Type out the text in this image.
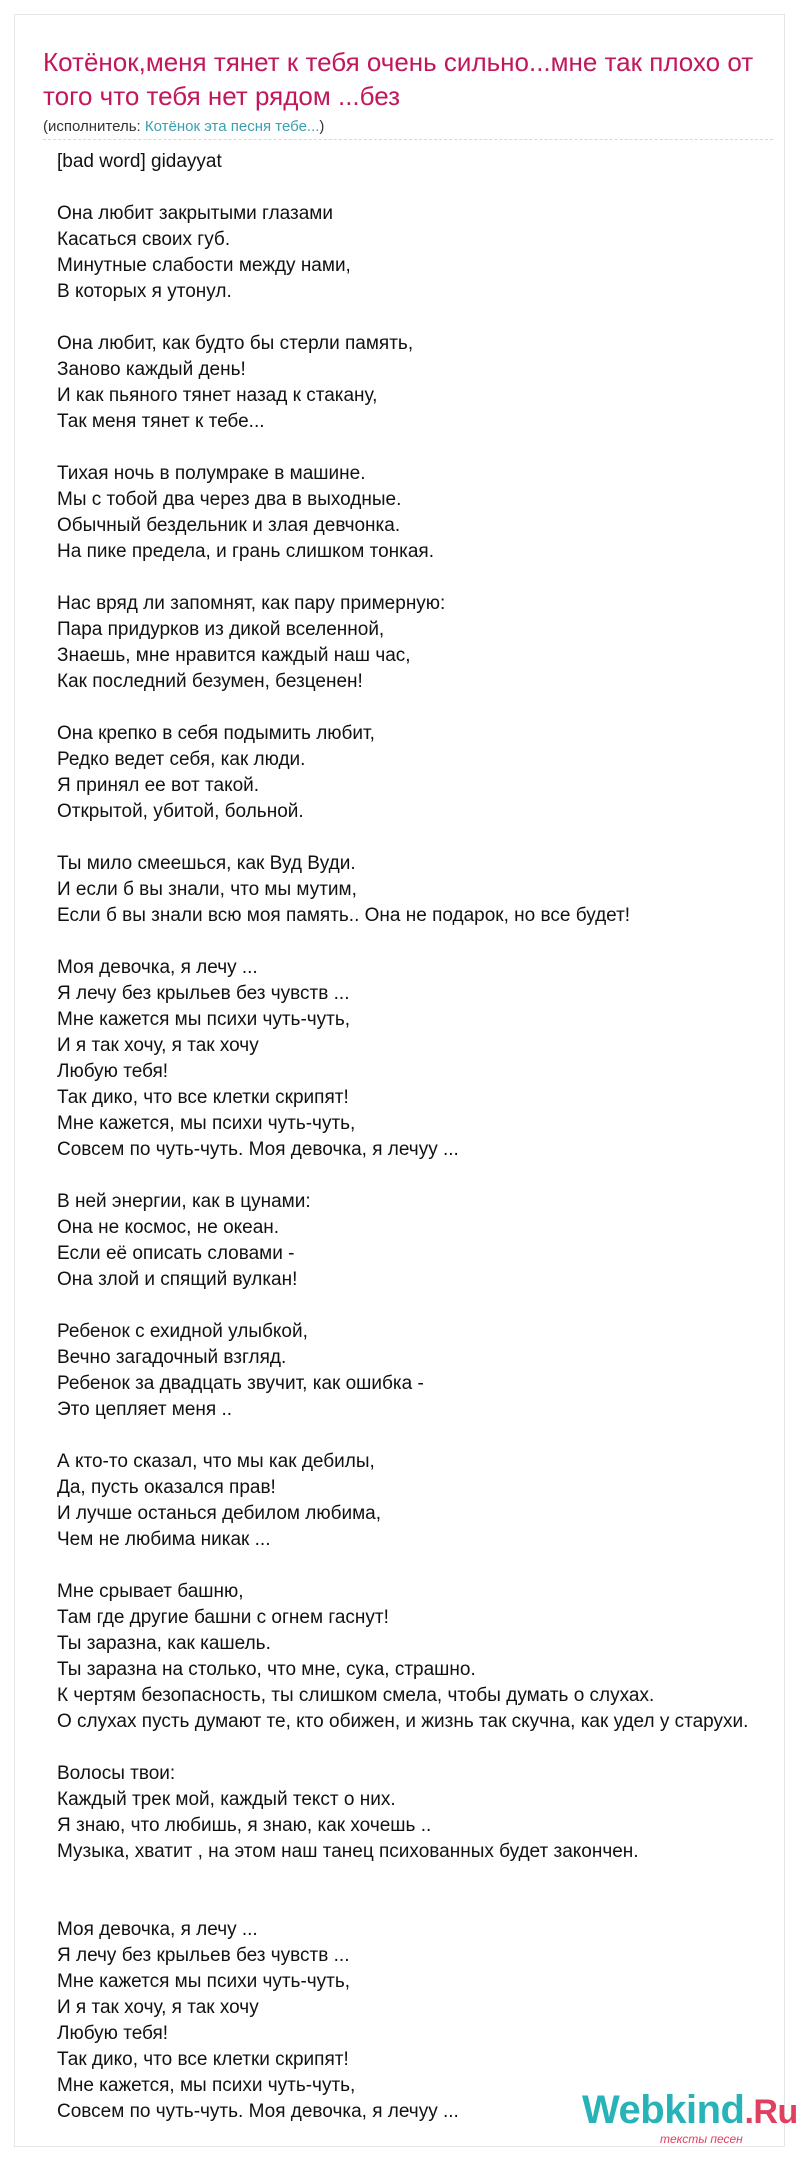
Котёнок,меня тянет к тебя очень сильно...мне так плохо от того что тебя нет рядом ...без
(исполнитель: Котёнок эта песня тебе...)
[bad word] gidayyat

Она любит закрытыми глазами
Касаться своих губ.
Минутные слабости между нами,
В которых я утонул.

Она любит, как будто бы стерли память,
Заново каждый день!
И как пьяного тянет назад к стакану,
Так меня тянет к тебе...

Тихая ночь в полумраке в машине.
Мы с тобой два через два в выходные.
Обычный бездельник и злая девчонка.
На пике предела, и грань слишком тонкая.

Нас вряд ли запомнят, как пару примерную:
Пара придурков из дикой вселенной,
Знаешь, мне нравится каждый наш час,
Как последний безумен, безценен!

Она крепко в себя подымить любит,
Редко ведет себя, как люди.
Я принял ее вот такой.
Открытой, убитой, больной.

Ты мило смеешься, как Вуд Вуди.
И если б вы знали, что мы мутим,
Если б вы знали всю моя память.. Она не подарок, но все будет!

Моя девочка, я лечу ...
Я лечу без крыльев без чувств ...
Мне кажется мы психи чуть-чуть,
И я так хочу, я так хочу
Любую тебя!
Так дико, что все клетки скрипят!
Мне кажется, мы психи чуть-чуть,
Совсем по чуть-чуть. Моя девочка, я лечуу ...

В ней энергии, как в цунами:
Она не космос, не океан.
Если её описать словами -
Она злой и спящий вулкан!

Ребенок с ехидной улыбкой,
Вечно загадочный взгляд.
Ребенок за двадцать звучит, как ошибка -
Это цепляет меня ..

А кто-то сказал, что мы как дебилы,
Да, пусть оказался прав!
И лучше останься дебилом любима,
Чем не любима никак ...

Мне срывает башню,
Там где другие башни с огнем гаснут!
Ты заразна, как кашель.
Ты заразна на столько, что мне, сука, страшно.
К чертям безопасность, ты слишком смела, чтобы думать о слухах.
О слухах пусть думают те, кто обижен, и жизнь так скучна, как удел у старухи.

Волосы твои:
Каждый трек мой, каждый текст о них.
Я знаю, что любишь, я знаю, как хочешь ..
Музыка, хватит , на этом наш танец психованных будет закончен.

Моя девочка, я лечу ...
Я лечу без крыльев без чувств ...
Мне кажется мы психи чуть-чуть,
И я так хочу, я так хочу
Любую тебя!
Так дико, что все клетки скрипят!
Мне кажется, мы психи чуть-чуть,
Совсем по чуть-чуть. Моя девочка, я лечуу ...	Webkind.Ru
тексты песен
